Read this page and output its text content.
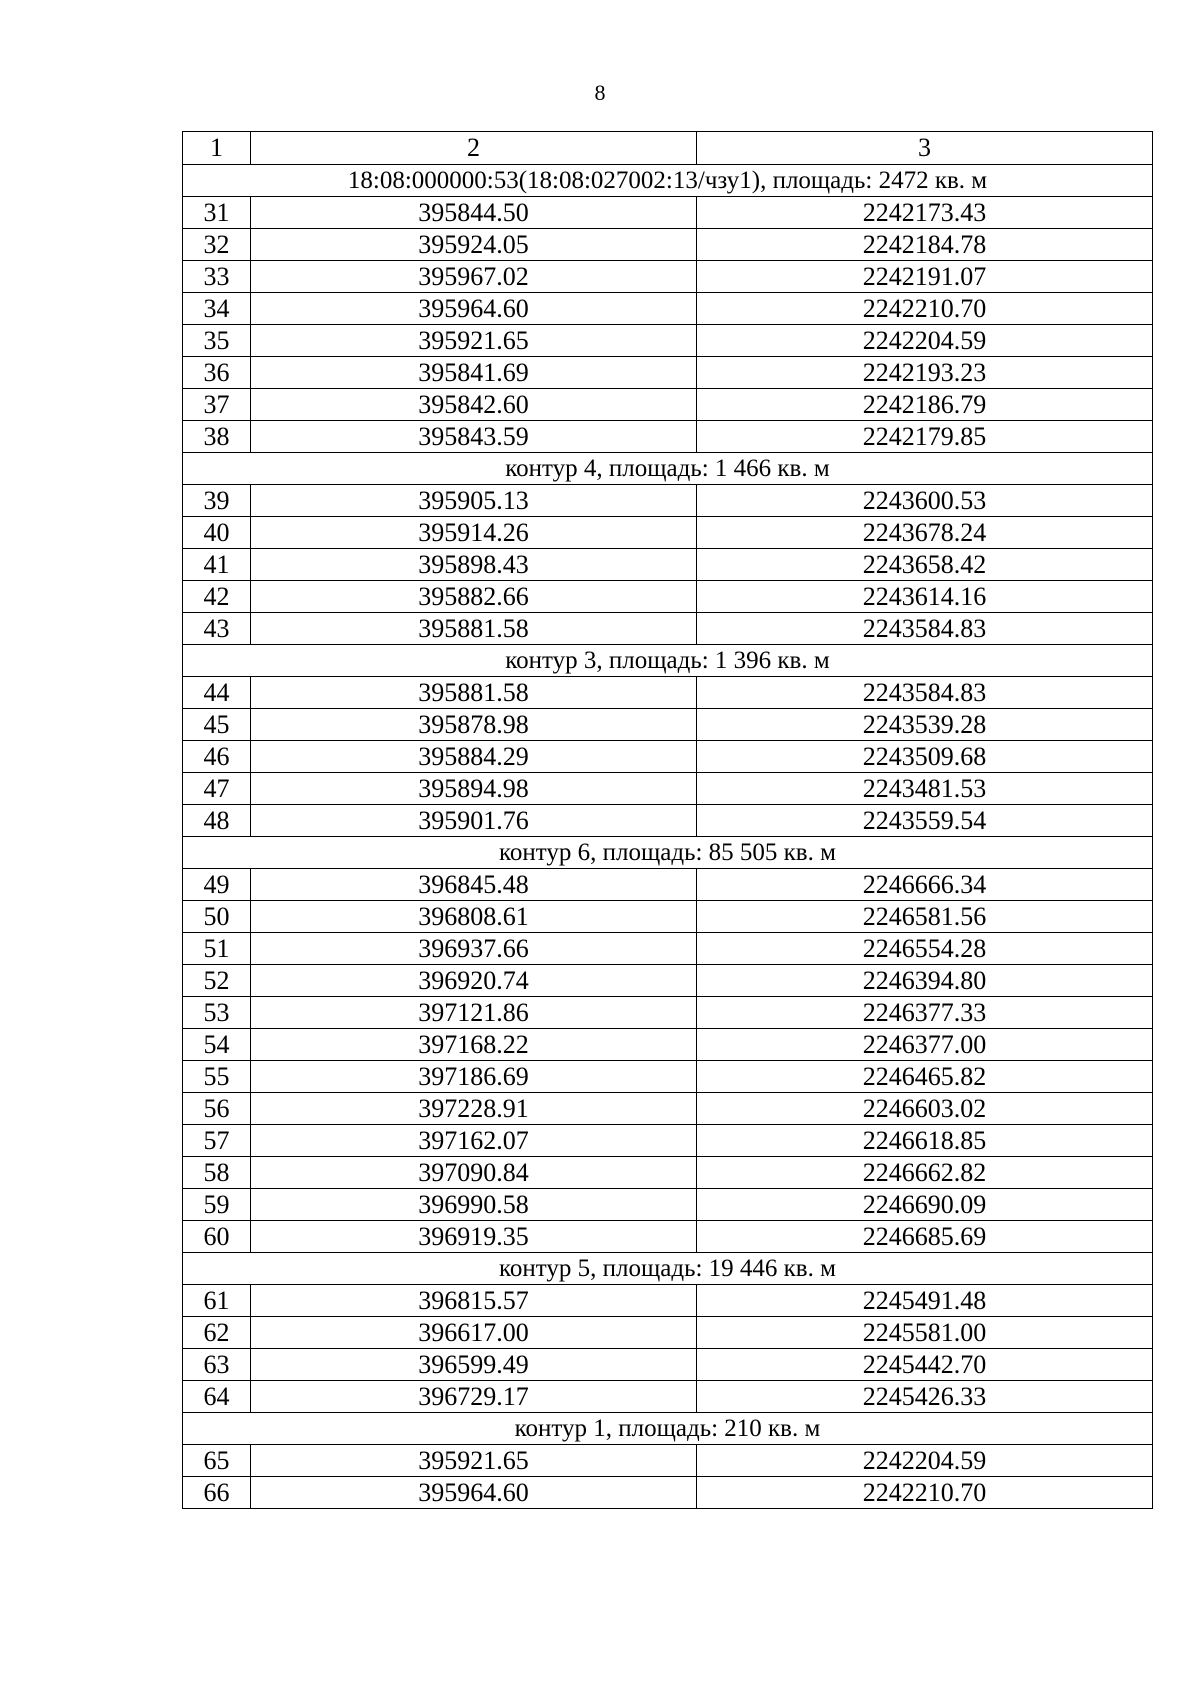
8
1	2	3
18:08:000000:53(18:08:027002:13/чзу1), площадь: 2472 кв. м		
31	395844.50	2242173.43
32	395924.05	2242184.78
33	395967.02	2242191.07
34	395964.60	2242210.70
35	395921.65	2242204.59
36	395841.69	2242193.23
37	395842.60	2242186.79
38	395843.59	2242179.85
контур 4, площадь: 1 466 кв. м		
39	395905.13	2243600.53
40	395914.26	2243678.24
41	395898.43	2243658.42
42	395882.66	2243614.16
43	395881.58	2243584.83
контур 3, площадь: 1 396 кв. м		
44	395881.58	2243584.83
45	395878.98	2243539.28
46	395884.29	2243509.68
47	395894.98	2243481.53
48	395901.76	2243559.54
контур 6, площадь: 85 505 кв. м		
49	396845.48	2246666.34
50	396808.61	2246581.56
51	396937.66	2246554.28
52	396920.74	2246394.80
53	397121.86	2246377.33
54	397168.22	2246377.00
55	397186.69	2246465.82
56	397228.91	2246603.02
57	397162.07	2246618.85
58	397090.84	2246662.82
59	396990.58	2246690.09
60	396919.35	2246685.69
контур 5, площадь: 19 446 кв. м		
61	396815.57	2245491.48
62	396617.00	2245581.00
63	396599.49	2245442.70
64	396729.17	2245426.33
контур 1, площадь: 210 кв. м		
65	395921.65	2242204.59
66	395964.60	2242210.70
